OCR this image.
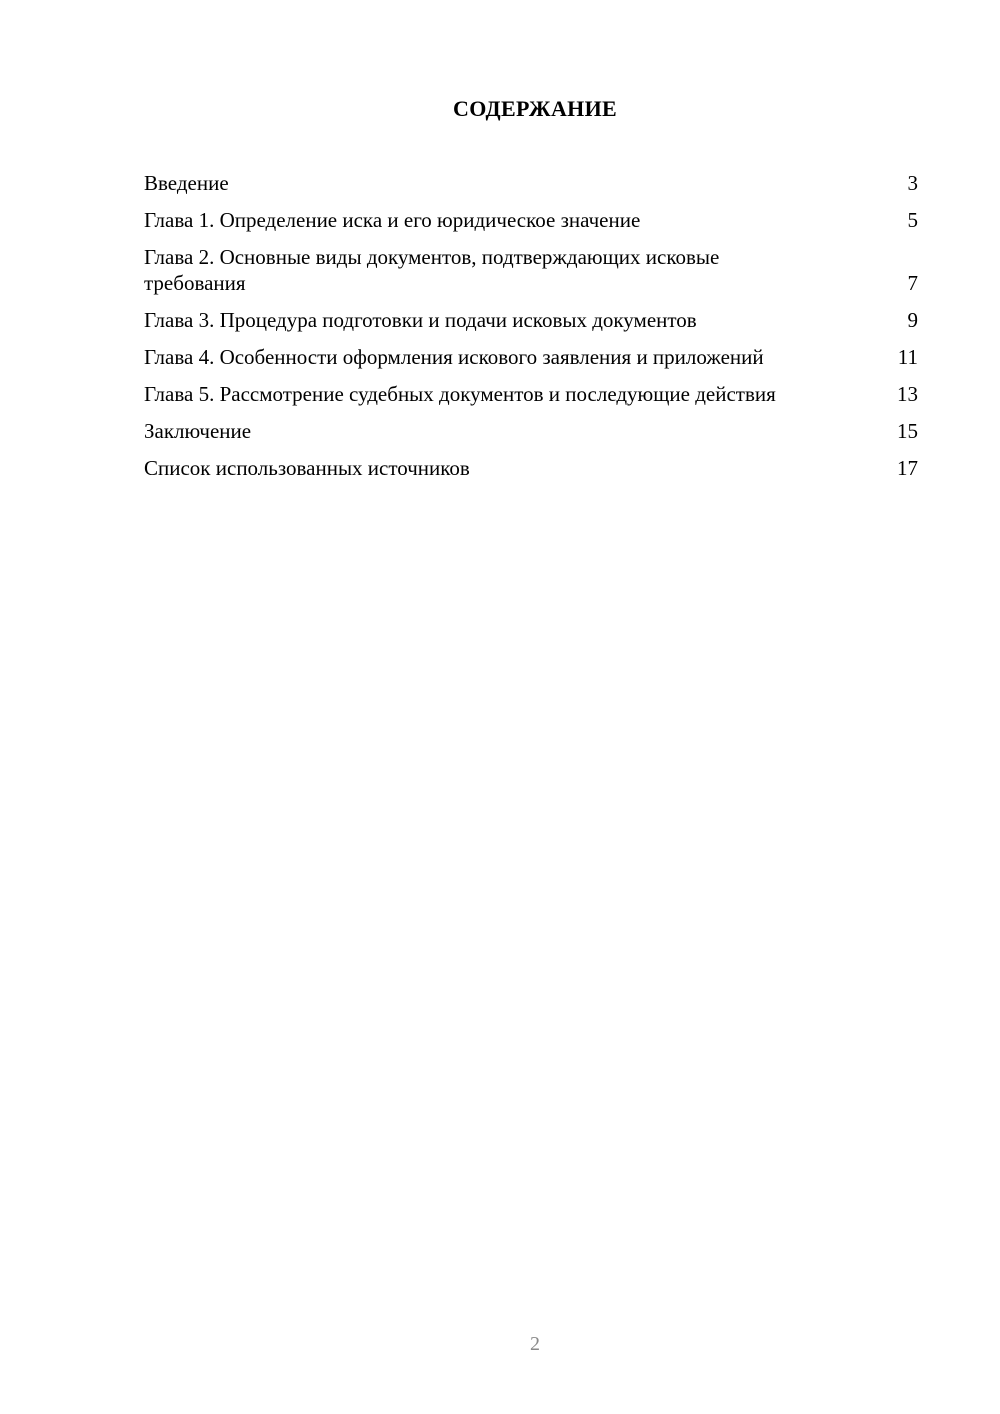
СОДЕРЖАНИЕ
Введение	3
Глава 1. Определение иска и его юридическое значение	5
Глава 2. Основные виды документов, подтверждающих исковые требования	7
Глава 3. Процедура подготовки и подачи исковых документов	9
Глава 4. Особенности оформления искового заявления и приложений	11
Глава 5. Рассмотрение судебных документов и последующие действия	13
Заключение	15
Список использованных источников	17
2
